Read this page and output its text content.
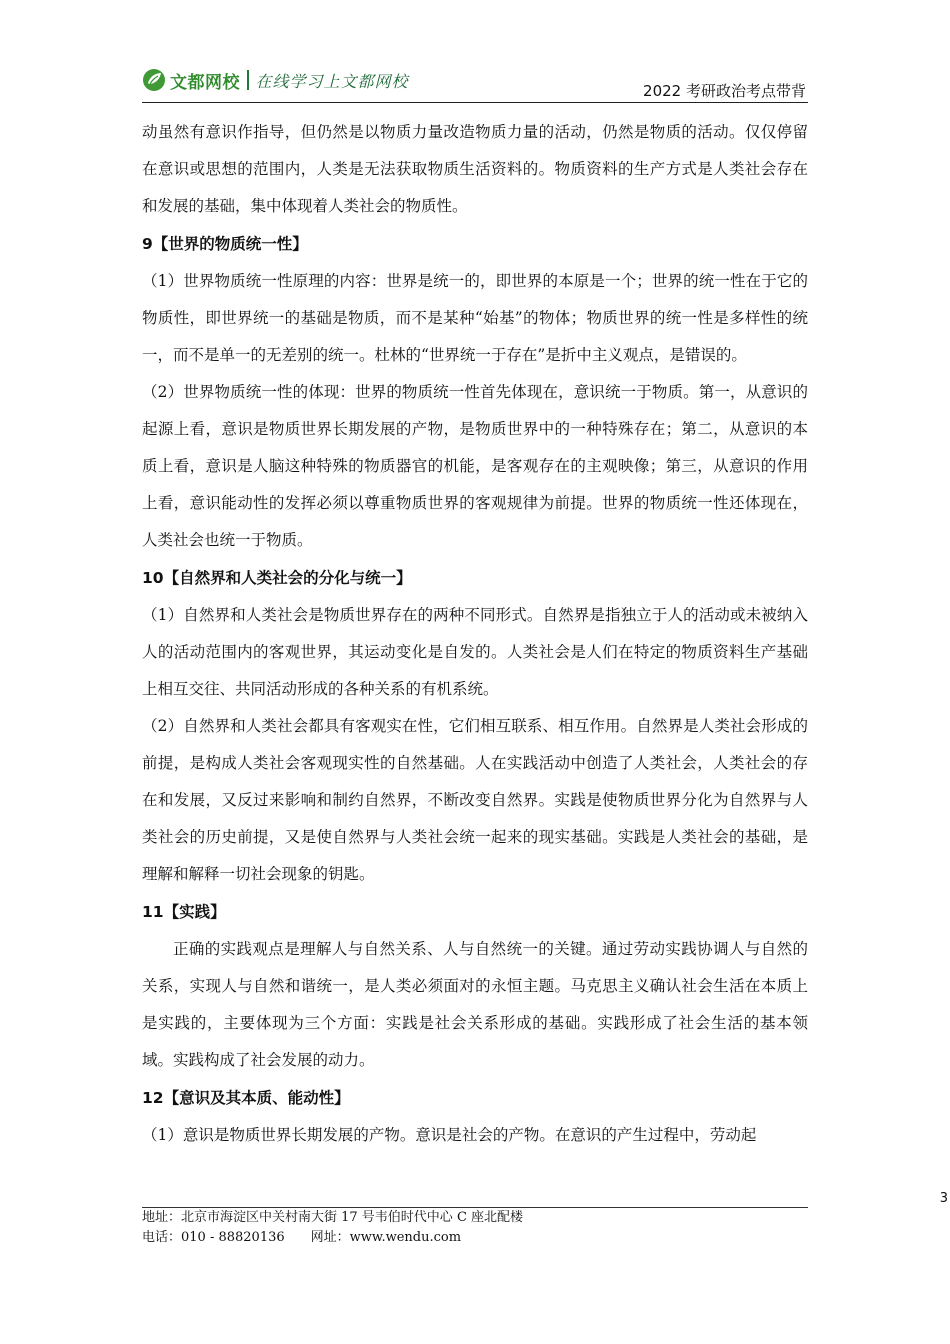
文都网校 在线学习上文都网校
2022 考研政治考点带背

动虽然有意识作指导，但仍然是以物质力量改造物质力量的活动，仍然是物质的活动。仅仅停留在意识或思想的范围内，人类是无法获取物质生活资料的。物质资料的生产方式是人类社会存在和发展的基础，集中体现着人类社会的物质性。

9【世界的物质统一性】

（1）世界物质统一性原理的内容：世界是统一的，即世界的本原是一个；世界的统一性在于它的物质性，即世界统一的基础是物质，而不是某种“始基”的物体；物质世界的统一性是多样性的统一，而不是单一的无差别的统一。杜林的“世界统一于存在”是折中主义观点，是错误的。

（2）世界物质统一性的体现：世界的物质统一性首先体现在，意识统一于物质。第一，从意识的起源上看，意识是物质世界长期发展的产物，是物质世界中的一种特殊存在；第二，从意识的本质上看，意识是人脑这种特殊的物质器官的机能，是客观存在的主观映像；第三，从意识的作用上看，意识能动性的发挥必须以尊重物质世界的客观规律为前提。世界的物质统一性还体现在，人类社会也统一于物质。

10【自然界和人类社会的分化与统一】

（1）自然界和人类社会是物质世界存在的两种不同形式。自然界是指独立于人的活动或未被纳入人的活动范围内的客观世界，其运动变化是自发的。人类社会是人们在特定的物质资料生产基础上相互交往、共同活动形成的各种关系的有机系统。

（2）自然界和人类社会都具有客观实在性，它们相互联系、相互作用。自然界是人类社会形成的前提，是构成人类社会客观现实性的自然基础。人在实践活动中创造了人类社会，人类社会的存在和发展，又反过来影响和制约自然界，不断改变自然界。实践是使物质世界分化为自然界与人类社会的历史前提，又是使自然界与人类社会统一起来的现实基础。实践是人类社会的基础，是理解和解释一切社会现象的钥匙。

11【实践】

正确的实践观点是理解人与自然关系、人与自然统一的关键。通过劳动实践协调人与自然的关系，实现人与自然和谐统一，是人类必须面对的永恒主题。马克思主义确认社会生活在本质上是实践的，主要体现为三个方面：实践是社会关系形成的基础。实践形成了社会生活的基本领域。实践构成了社会发展的动力。

12【意识及其本质、能动性】

（1）意识是物质世界长期发展的产物。意识是社会的产物。在意识的产生过程中，劳动起

3

地址：北京市海淀区中关村南大街 17 号韦伯时代中心 C 座北配楼

电话：010 - 88820136 网址：www.wendu.com
